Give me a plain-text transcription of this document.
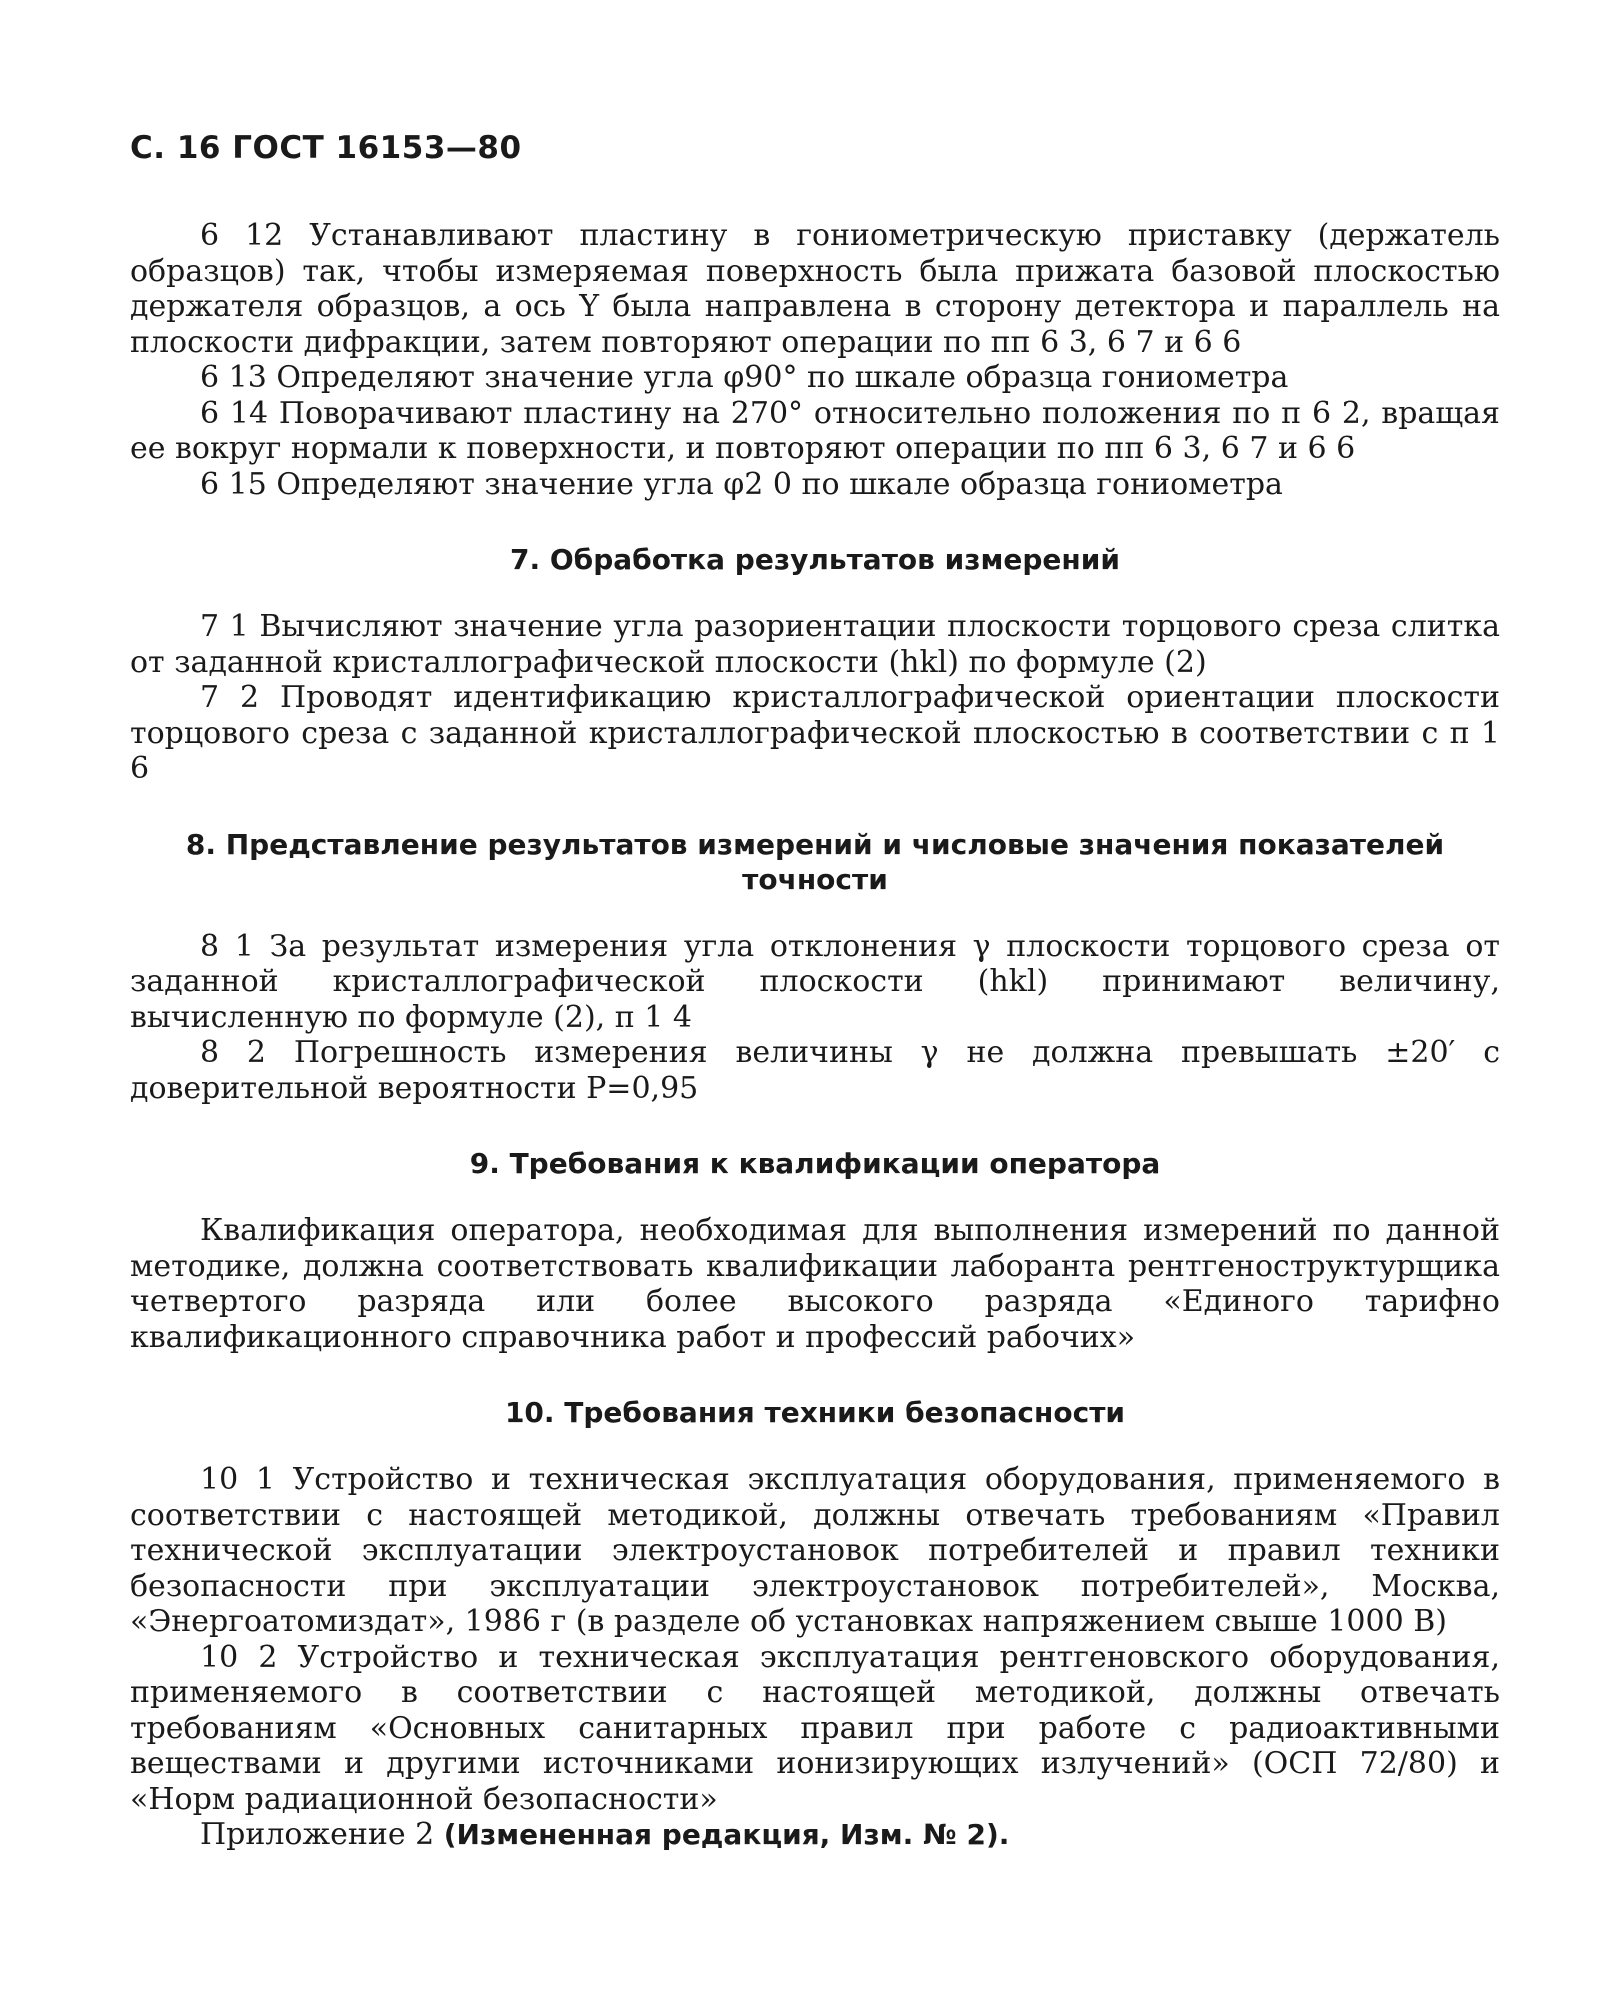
С. 16 ГОСТ 16153—80

6 12 Устанавливают пластину в гониометрическую приставку (держатель образцов) так, чтобы измеряемая поверхность была прижата базовой плоскостью держателя образцов, а ось Y была направлена в сторону детектора и параллель на плоскости дифракции, затем повторяют операции по пп 6 3, 6 7 и 6 6

6 13 Определяют значение угла φ90° по шкале образца гониометра

6 14 Поворачивают пластину на 270° относительно положения по п 6 2, вращая ее вокруг нормали к поверхности, и повторяют операции по пп 6 3, 6 7 и 6 6

6 15 Определяют значение угла φ2 0 по шкале образца гониометра

7. Обработка результатов измерений

7 1 Вычисляют значение угла разориентации плоскости торцового среза слитка от заданной кристаллографической плоскости (hkl) по формуле (2)

7 2 Проводят идентификацию кристаллографической ориентации плоскости торцового среза с заданной кристаллографической плоскостью в соответствии с п 1 6

8. Представление результатов измерений и числовые значения показателей точности

8 1 За результат измерения угла отклонения γ плоскости торцового среза от заданной кристаллографической плоскости (hkl) принимают величину, вычисленную по формуле (2), п 1 4

8 2 Погрешность измерения величины γ не должна превышать ±20′ с доверительной вероятности P=0,95

9. Требования к квалификации оператора

Квалификация оператора, необходимая для выполнения измерений по данной методике, должна соответствовать квалификации лаборанта рентгеноструктурщика четвертого разряда или более высокого разряда «Единого тарифно квалификационного справочника работ и профессий рабочих»

10. Требования техники безопасности

10 1 Устройство и техническая эксплуатация оборудования, применяемого в соответствии с настоящей методикой, должны отвечать требованиям «Правил технической эксплуатации электроустановок потребителей и правил техники безопасности при эксплуатации электроустановок потребителей», Москва, «Энергоатомиздат», 1986 г (в разделе об установках напряжением свыше 1000 В)

10 2 Устройство и техническая эксплуатация рентгеновского оборудования, применяемого в соответствии с настоящей методикой, должны отвечать требованиям «Основных санитарных правил при работе с радиоактивными веществами и другими источниками ионизирующих излучений» (ОСП 72/80) и «Норм радиационной безопасности»

Приложение 2 (Измененная редакция, Изм. № 2).
